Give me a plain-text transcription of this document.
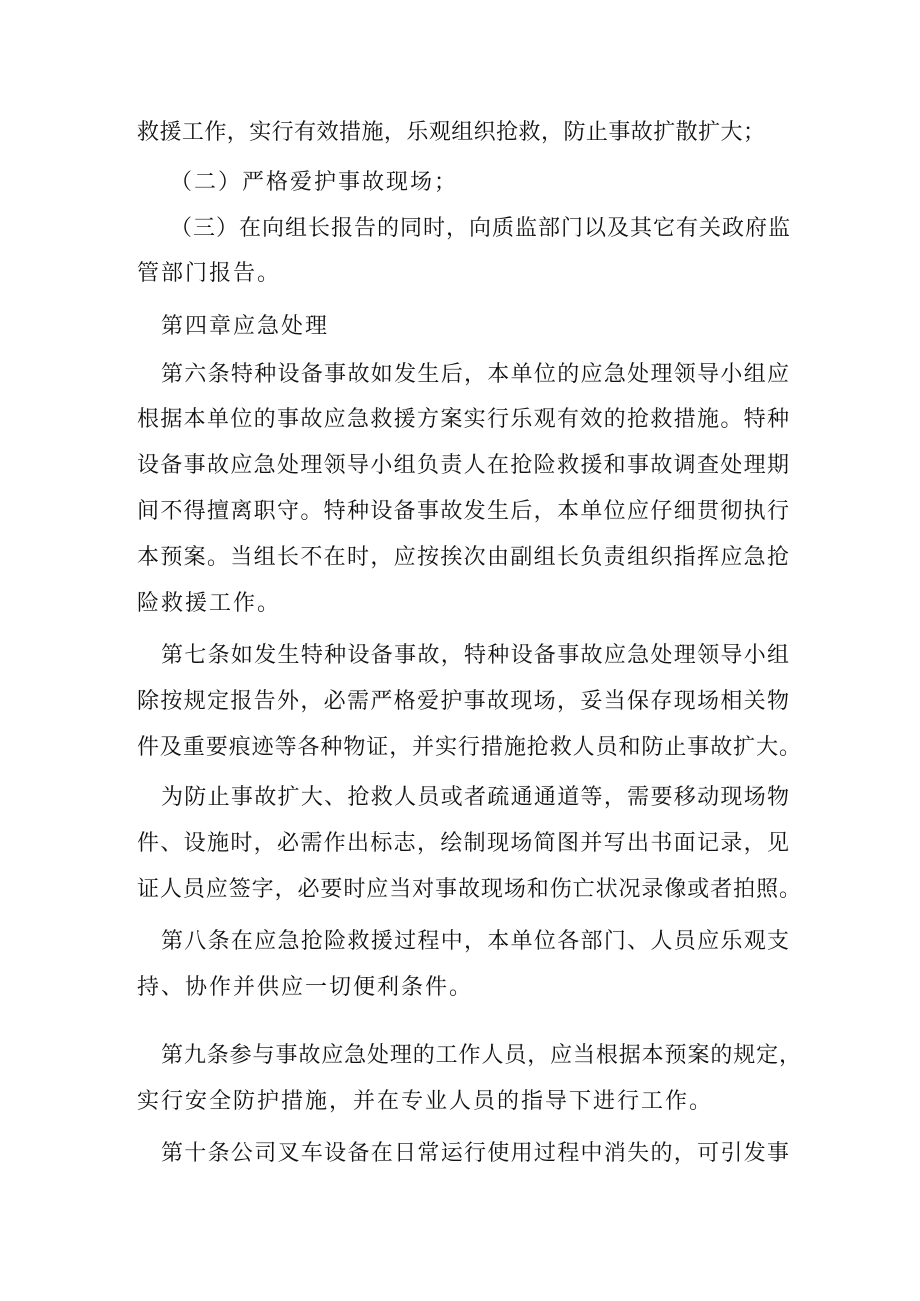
救援工作，实行有效措施，乐观组织抢救，防止事故扩散扩大；
（二）严格爱护事故现场；
（三）在向组长报告的同时，向质监部门以及其它有关政府监
管部门报告。
第四章应急处理
第六条特种设备事故如发生后，本单位的应急处理领导小组应
根据本单位的事故应急救援方案实行乐观有效的抢救措施。特种
设备事故应急处理领导小组负责人在抢险救援和事故调查处理期
间不得擅离职守。特种设备事故发生后，本单位应仔细贯彻执行
本预案。当组长不在时，应按挨次由副组长负责组织指挥应急抢
险救援工作。
第七条如发生特种设备事故，特种设备事故应急处理领导小组
除按规定报告外，必需严格爱护事故现场，妥当保存现场相关物
件及重要痕迹等各种物证，并实行措施抢救人员和防止事故扩大。
为防止事故扩大、抢救人员或者疏通通道等，需要移动现场物
件、设施时，必需作出标志，绘制现场简图并写出书面记录，见
证人员应签字，必要时应当对事故现场和伤亡状况录像或者拍照。
第八条在应急抢险救援过程中，本单位各部门、人员应乐观支
持、协作并供应一切便利条件。
第九条参与事故应急处理的工作人员，应当根据本预案的规定，
实行安全防护措施，并在专业人员的指导下进行工作。
第十条公司叉车设备在日常运行使用过程中消失的，可引发事
